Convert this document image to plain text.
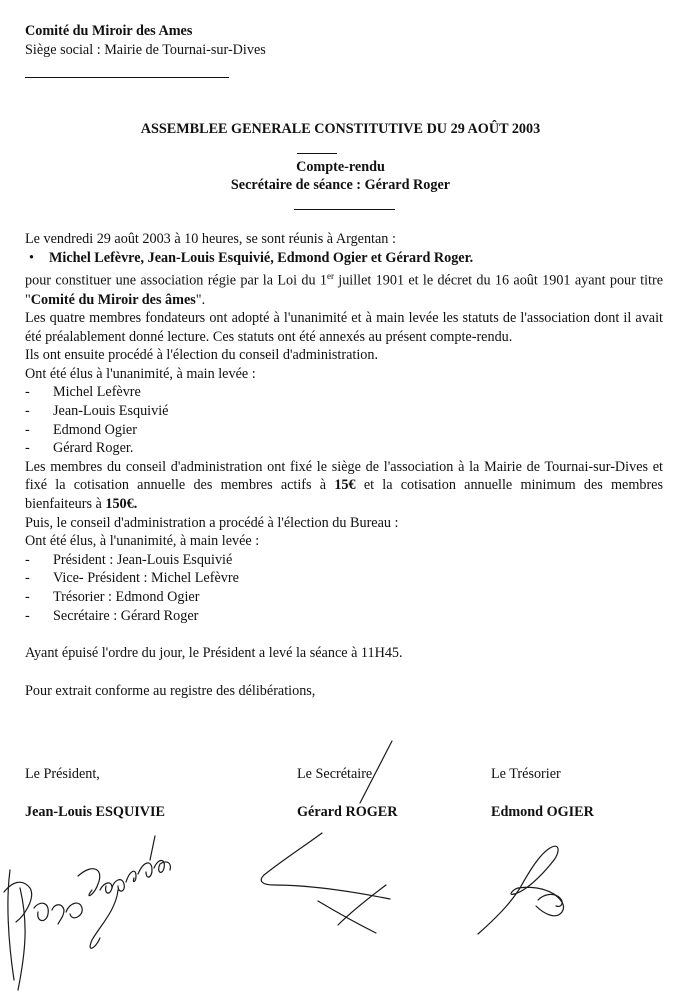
Comité du Miroir des Ames
Siège social : Mairie de Tournai-sur-Dives
ASSEMBLEE GENERALE CONSTITUTIVE DU 29 AOÛT 2003
Compte-rendu
Secrétaire de séance : Gérard Roger

Le vendredi 29 août 2003 à 10 heures, se sont réunis à Argentan :

• Michel Lefèvre, Jean-Louis Esquivié, Edmond Ogier et Gérard Roger.

pour constituer une association régie par la Loi du 1er juillet 1901 et le décret du 16 août 1901 ayant pour titre "Comité du Miroir des âmes".

Les quatre membres fondateurs ont adopté à l'unanimité et à main levée les statuts de l'association dont il avait été préalablement donné lecture. Ces statuts ont été annexés au présent compte-rendu.

Ils ont ensuite procédé à l'élection du conseil d'administration.

Ont été élus à l'unanimité, à main levée :

- Michel Lefèvre

- Jean-Louis Esquivié

- Edmond Ogier

- Gérard Roger.

Les membres du conseil d'administration ont fixé le siège de l'association à la Mairie de Tournai-sur-Dives et fixé la cotisation annuelle des membres actifs à 15€ et la cotisation annuelle minimum des membres bienfaiteurs à 150€.

Puis, le conseil d'administration a procédé à l'élection du Bureau :

Ont été élus, à l'unanimité, à main levée :

- Président : Jean-Louis Esquivié

- Vice- Président : Michel Lefèvre

- Trésorier : Edmond Ogier

- Secrétaire : Gérard Roger

Ayant épuisé l'ordre du jour, le Président a levé la séance à 11H45.

Pour extrait conforme au registre des délibérations,

Le Président,	Le Secrétaire	Le Trésorier
Jean-Louis ESQUIVIE	Gérard ROGER	Edmond OGIER
